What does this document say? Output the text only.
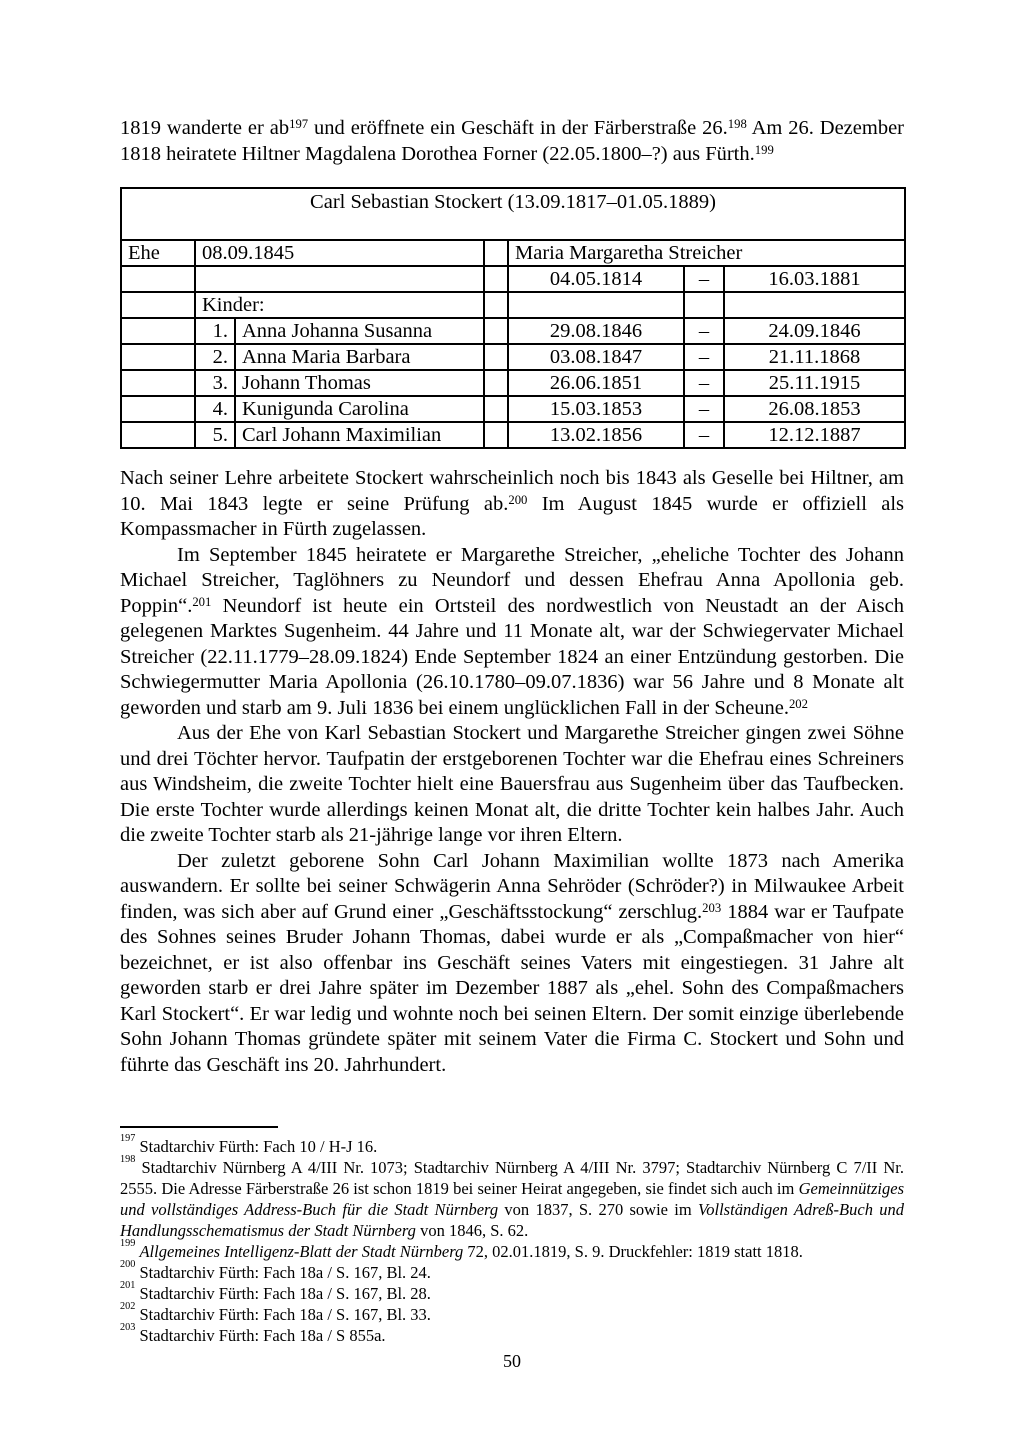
1819 wanderte er ab$^{197}$ und eröffnete ein Geschäft in der Färberstraße 26.$^{198}$ Am 26. Dezember 1818 heiratete Hiltner Magdalena Dorothea Forner (22.05.1800–?) aus Fürth.$^{199}$

Carl Sebastian Stockert (13.09.1817–01.05.1889)						
Ehe	08.09.1845			Maria Margaretha Streicher		
				04.05.1814	–	16.03.1881
	Kinder:					
	1.	Anna Johanna Susanna		29.08.1846	–	24.09.1846
	2.	Anna Maria Barbara		03.08.1847	–	21.11.1868
	3.	Johann Thomas		26.06.1851	–	25.11.1915
	4.	Kunigunda Carolina		15.03.1853	–	26.08.1853
	5.	Carl Johann Maximilian		13.02.1856	–	12.12.1887

Nach seiner Lehre arbeitete Stockert wahrscheinlich noch bis 1843 als Geselle bei Hiltner, am 10. Mai 1843 legte er seine Prüfung ab.$^{200}$ Im August 1845 wurde er offiziell als Kompassmacher in Fürth zugelassen.

Im September 1845 heiratete er Margarethe Streicher, „eheliche Tochter des Johann Michael Streicher, Taglöhners zu Neundorf und dessen Ehefrau Anna Apollonia geb. Poppin“.$^{201}$ Neundorf ist heute ein Ortsteil des nordwestlich von Neustadt an der Aisch gelegenen Marktes Sugenheim. 44 Jahre und 11 Monate alt, war der Schwiegervater Michael Streicher (22.11.1779–28.09.1824) Ende September 1824 an einer Entzündung gestorben. Die Schwiegermutter Maria Apollonia (26.10.1780–09.07.1836) war 56 Jahre und 8 Monate alt geworden und starb am 9. Juli 1836 bei einem unglücklichen Fall in der Scheune.$^{202}$

Aus der Ehe von Karl Sebastian Stockert und Margarethe Streicher gingen zwei Söhne und drei Töchter hervor. Taufpatin der erstgeborenen Tochter war die Ehefrau eines Schreiners aus Windsheim, die zweite Tochter hielt eine Bauersfrau aus Sugenheim über das Taufbecken. Die erste Tochter wurde allerdings keinen Monat alt, die dritte Tochter kein halbes Jahr. Auch die zweite Tochter starb als 21-jährige lange vor ihren Eltern.

Der zuletzt geborene Sohn Carl Johann Maximilian wollte 1873 nach Amerika auswandern. Er sollte bei seiner Schwägerin Anna Sehröder (Schröder?) in Milwaukee Arbeit finden, was sich aber auf Grund einer „Geschäftsstockung“ zerschlug.$^{203}$ 1884 war er Taufpate des Sohnes seines Bruder Johann Thomas, dabei wurde er als „Compaßmacher von hier“ bezeichnet, er ist also offenbar ins Geschäft seines Vaters mit eingestiegen. 31 Jahre alt geworden starb er drei Jahre später im Dezember 1887 als „ehel. Sohn des Compaßmachers Karl Stockert“. Er war ledig und wohnte noch bei seinen Eltern. Der somit einzige überlebende Sohn Johann Thomas gründete später mit seinem Vater die Firma C. Stockert und Sohn und führte das Geschäft ins 20. Jahrhundert.

$^{197}$ Stadtarchiv Fürth: Fach 10 / H-J 16.

$^{198}$ Stadtarchiv Nürnberg A 4/III Nr. 1073; Stadtarchiv Nürnberg A 4/III Nr. 3797; Stadtarchiv Nürnberg C 7/II Nr. 2555. Die Adresse Färberstraße 26 ist schon 1819 bei seiner Heirat angegeben, sie findet sich auch im Gemeinnütziges und vollständiges Address-Buch für die Stadt Nürnberg von 1837, S. 270 sowie im Vollständigen Adreß-Buch und Handlungsschematismus der Stadt Nürnberg von 1846, S. 62.

$^{199}$ Allgemeines Intelligenz-Blatt der Stadt Nürnberg 72, 02.01.1819, S. 9. Druckfehler: 1819 statt 1818.

$^{200}$ Stadtarchiv Fürth: Fach 18a / S. 167, Bl. 24.

$^{201}$ Stadtarchiv Fürth: Fach 18a / S. 167, Bl. 28.

$^{202}$ Stadtarchiv Fürth: Fach 18a / S. 167, Bl. 33.

$^{203}$ Stadtarchiv Fürth: Fach 18a / S 855a.

50
